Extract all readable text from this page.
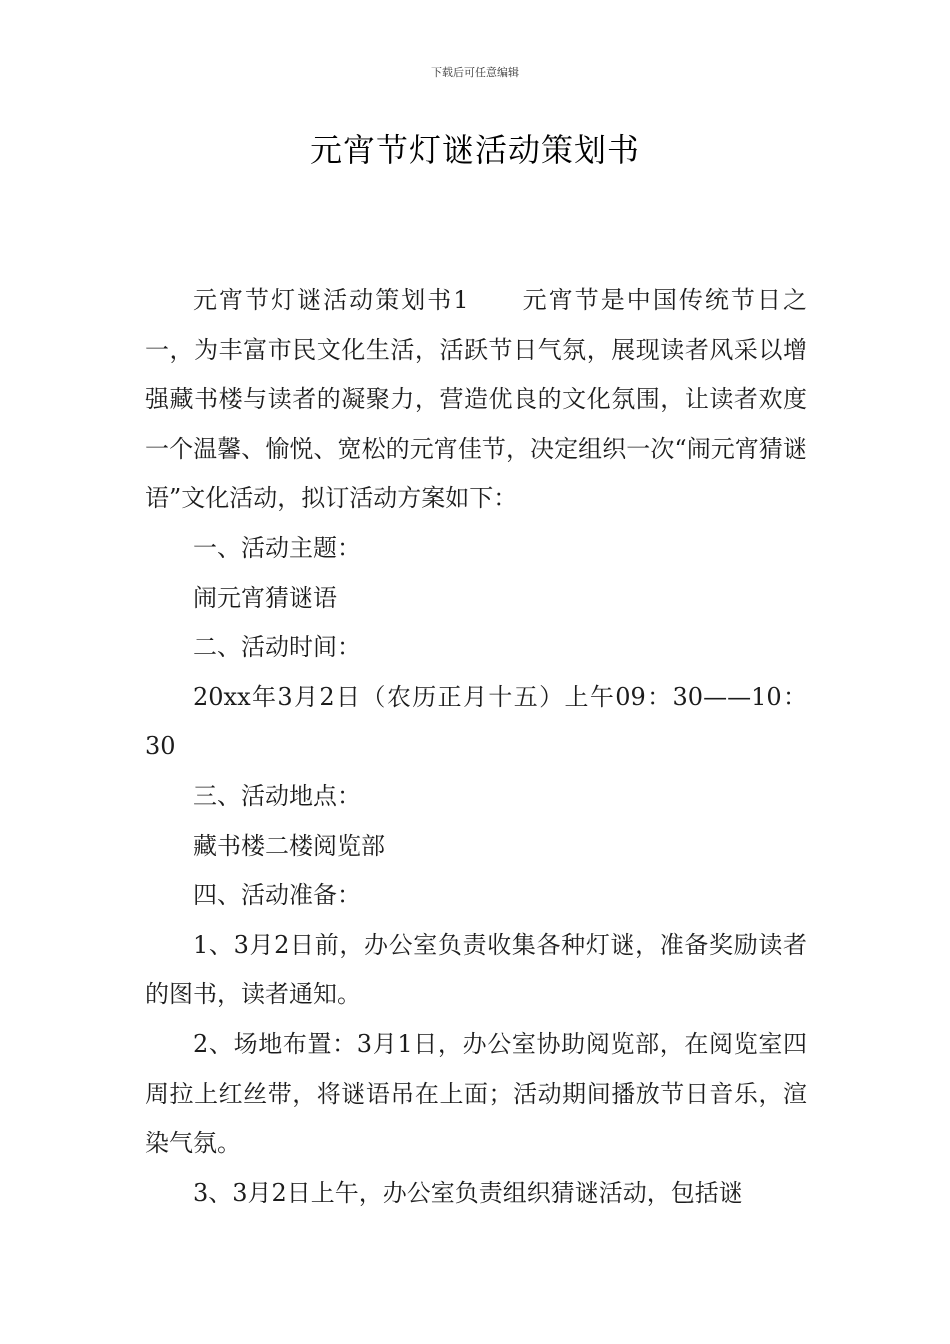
下载后可任意编辑
元宵节灯谜活动策划书

元宵节灯谜活动策划书1　　元宵节是中国传统节日之一，为丰富市民文化生活，活跃节日气氛，展现读者风采以增强藏书楼与读者的凝聚力，营造优良的文化氛围，让读者欢度一个温馨、愉悦、宽松的元宵佳节，决定组织一次“闹元宵猜谜语”文化活动，拟订活动方案如下：

一、活动主题：

闹元宵猜谜语

二、活动时间：

20xx年3月2日（农历正月十五）上午09：30——10：30

三、活动地点：

藏书楼二楼阅览部

四、活动准备：

1、3月2日前，办公室负责收集各种灯谜，准备奖励读者的图书，读者通知。

2、场地布置：3月1日，办公室协助阅览部，在阅览室四周拉上红丝带，将谜语吊在上面；活动期间播放节日音乐，渲染气氛。

3、3月2日上午，办公室负责组织猜谜活动，包括谜
